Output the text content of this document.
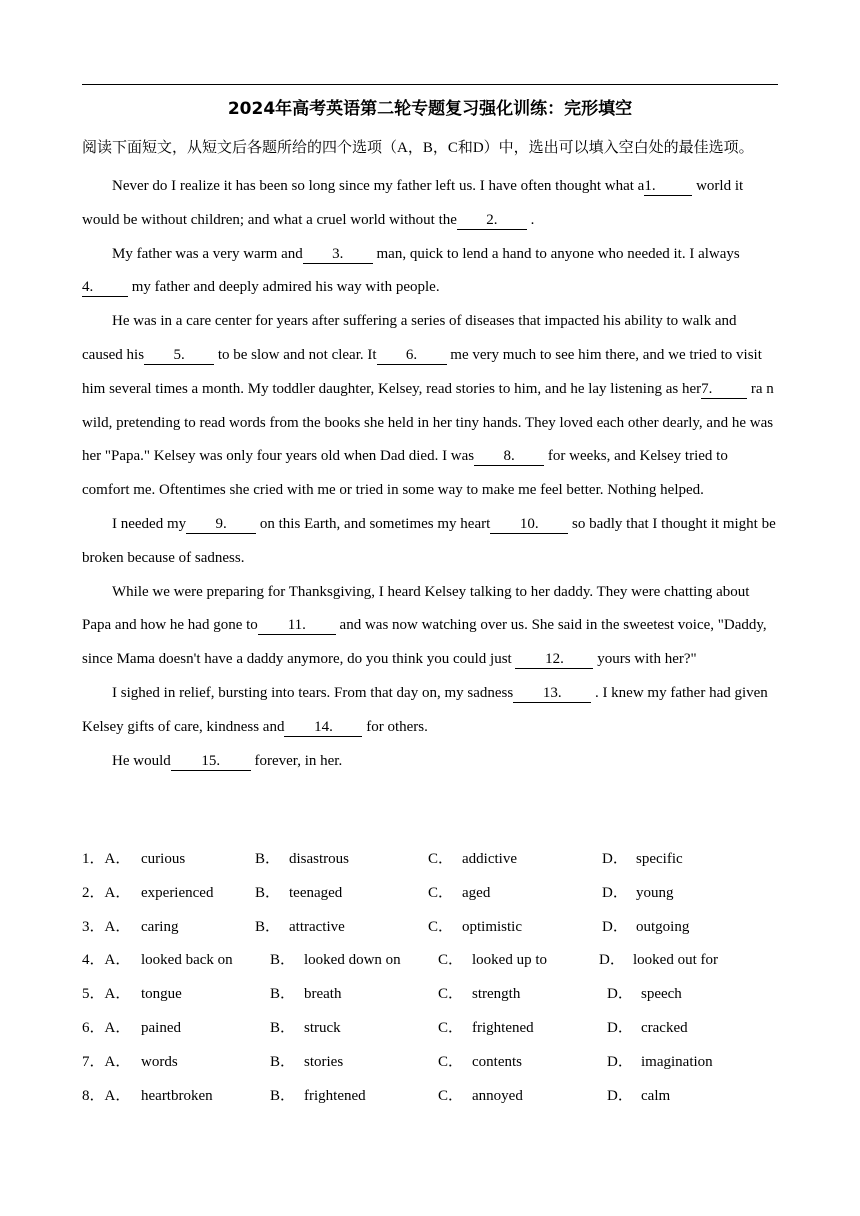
2024年高考英语第二轮专题复习强化训练：完形填空
阅读下面短文，从短文后各题所给的四个选项（A，B，C和D）中，选出可以填入空白处的最佳选项。

Never do I realize it has been so long since my father left us. I have often thought what a1. world it would be without children; and what a cruel world without the 2. .

My father was a very warm and 3. man, quick to lend a hand to anyone who needed it. I always 4. my father and deeply admired his way with people.

He was in a care center for years after suffering a series of diseases that impacted his ability to walk and caused his 5. to be slow and not clear. It 6. me very much to see him there, and we tried to visit him several times a month. My toddler daughter, Kelsey, read stories to him, and he lay listening as her7. ra n wild, pretending to read words from the books she held in her tiny hands. They loved each other dearly, and he was her "Papa." Kelsey was only four years old when Dad died. I was 8. for weeks, and Kelsey tried to comfort me. Oftentimes she cried with me or tried in some way to make me feel better. Nothing helped.

I needed my 9. on this Earth, and sometimes my heart 10. so badly that I thought it might be broken because of sadness.

While we were preparing for Thanksgiving, I heard Kelsey talking to her daddy. They were chatting about Papa and how he had gone to 11. and was now watching over us. She said in the sweetest voice, "Daddy, since Mama doesn't have a daddy anymore, do you think you could just 12. yours with her?"

I sighed in relief, bursting into tears. From that day on, my sadness 13. . I knew my father had given Kelsey gifts of care, kindness and 14. for others.

He would 15. forever, in her.

1．A． curious	B． disastrous	C． addictive	D． specific
2．A． experienced	B． teenaged	C． aged	D． young
3．A． caring	B． attractive	C． optimistic	D． outgoing
4．A． looked back on B． looked down on C． looked up to	D． looked out for
5．A． tongue	B． breath	C． strength	D． speech
6．A． pained	B． struck	C． frightened	D． cracked
7．A． words	B． stories	C． contents	D． imagination
8．A． heartbroken	B． frightened	C． annoyed	D． calm
